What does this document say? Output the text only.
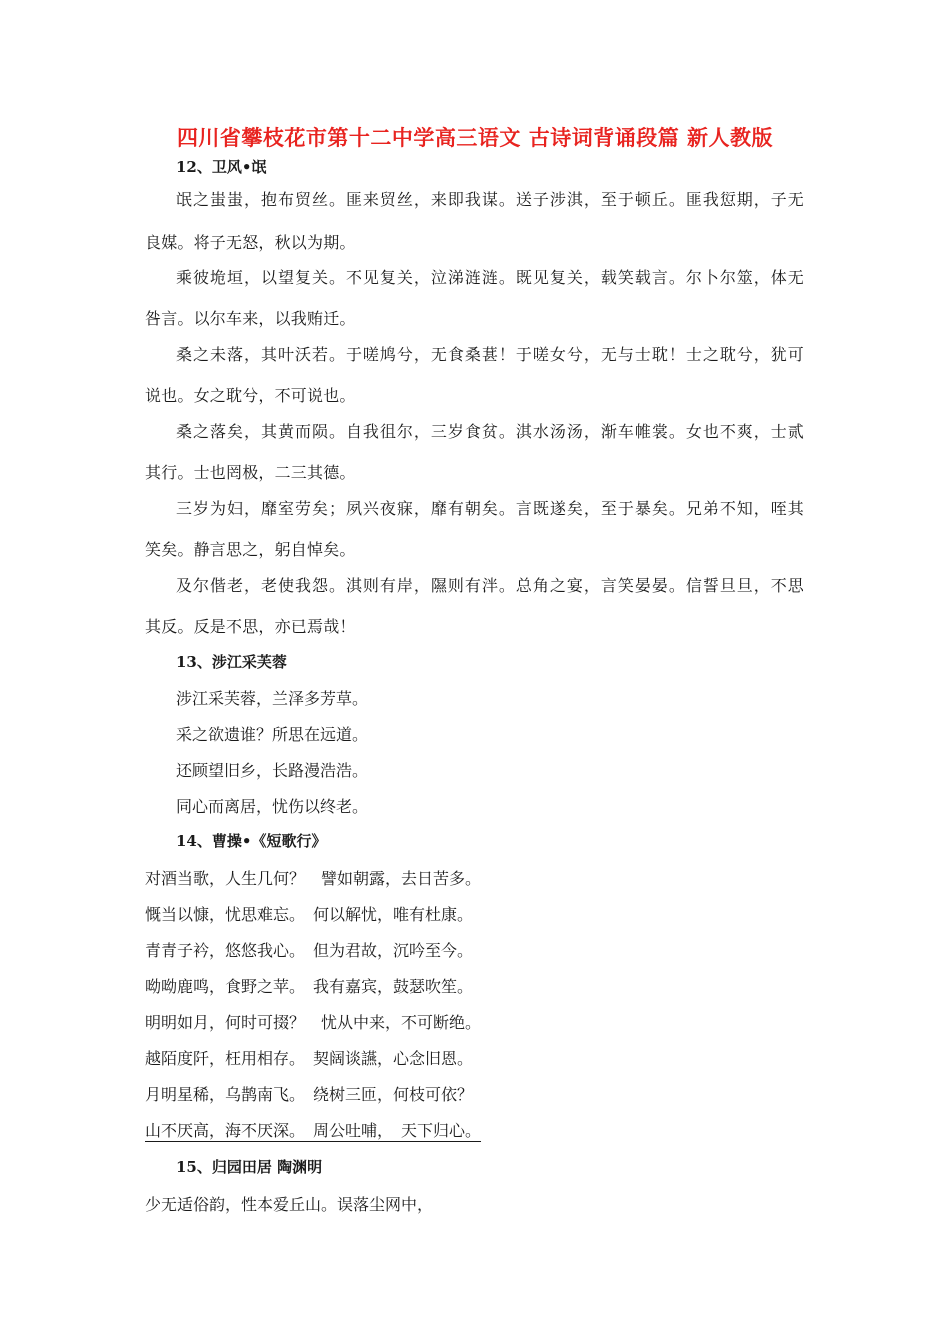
四川省攀枝花市第十二中学高三语文 古诗词背诵段篇 新人教版
12、卫风•氓
氓之蚩蚩，抱布贸丝。匪来贸丝，来即我谋。送子涉淇，至于顿丘。匪我愆期，子无
良媒。将子无怒，秋以为期。
乘彼垝垣，以望复关。不见复关，泣涕涟涟。既见复关，载笑载言。尔卜尔筮，体无
咎言。以尔车来，以我贿迁。
桑之未落，其叶沃若。于嗟鸠兮，无食桑葚！于嗟女兮，无与士耽！士之耽兮，犹可
说也。女之耽兮，不可说也。
桑之落矣，其黄而陨。自我徂尔，三岁食贫。淇水汤汤，渐车帷裳。女也不爽，士贰
其行。士也罔极，二三其德。
三岁为妇，靡室劳矣；夙兴夜寐，靡有朝矣。言既遂矣，至于暴矣。兄弟不知，咥其
笑矣。静言思之，躬自悼矣。
及尔偕老，老使我怨。淇则有岸，隰则有泮。总角之宴，言笑晏晏。信誓旦旦，不思
其反。反是不思，亦已焉哉！
13、涉江采芙蓉
涉江采芙蓉，兰泽多芳草。
采之欲遗谁？所思在远道。
还顾望旧乡，长路漫浩浩。
同心而离居，忧伤以终老。
14、曹操•《短歌行》
对酒当歌，人生几何？　譬如朝露，去日苦多。
慨当以慷，忧思难忘。　何以解忧，唯有杜康。
青青子衿，悠悠我心。　但为君故，沉吟至今。
呦呦鹿鸣，食野之苹。　我有嘉宾，鼓瑟吹笙。
明明如月，何时可掇？　忧从中来，不可断绝。
越陌度阡，枉用相存。　契阔谈讌，心念旧恩。
月明星稀，乌鹊南飞。　绕树三匝，何枝可依？
山不厌高，海不厌深。　周公吐哺，　天下归心。
15、归园田居 陶渊明
少无适俗韵，性本爱丘山。误落尘网中，
